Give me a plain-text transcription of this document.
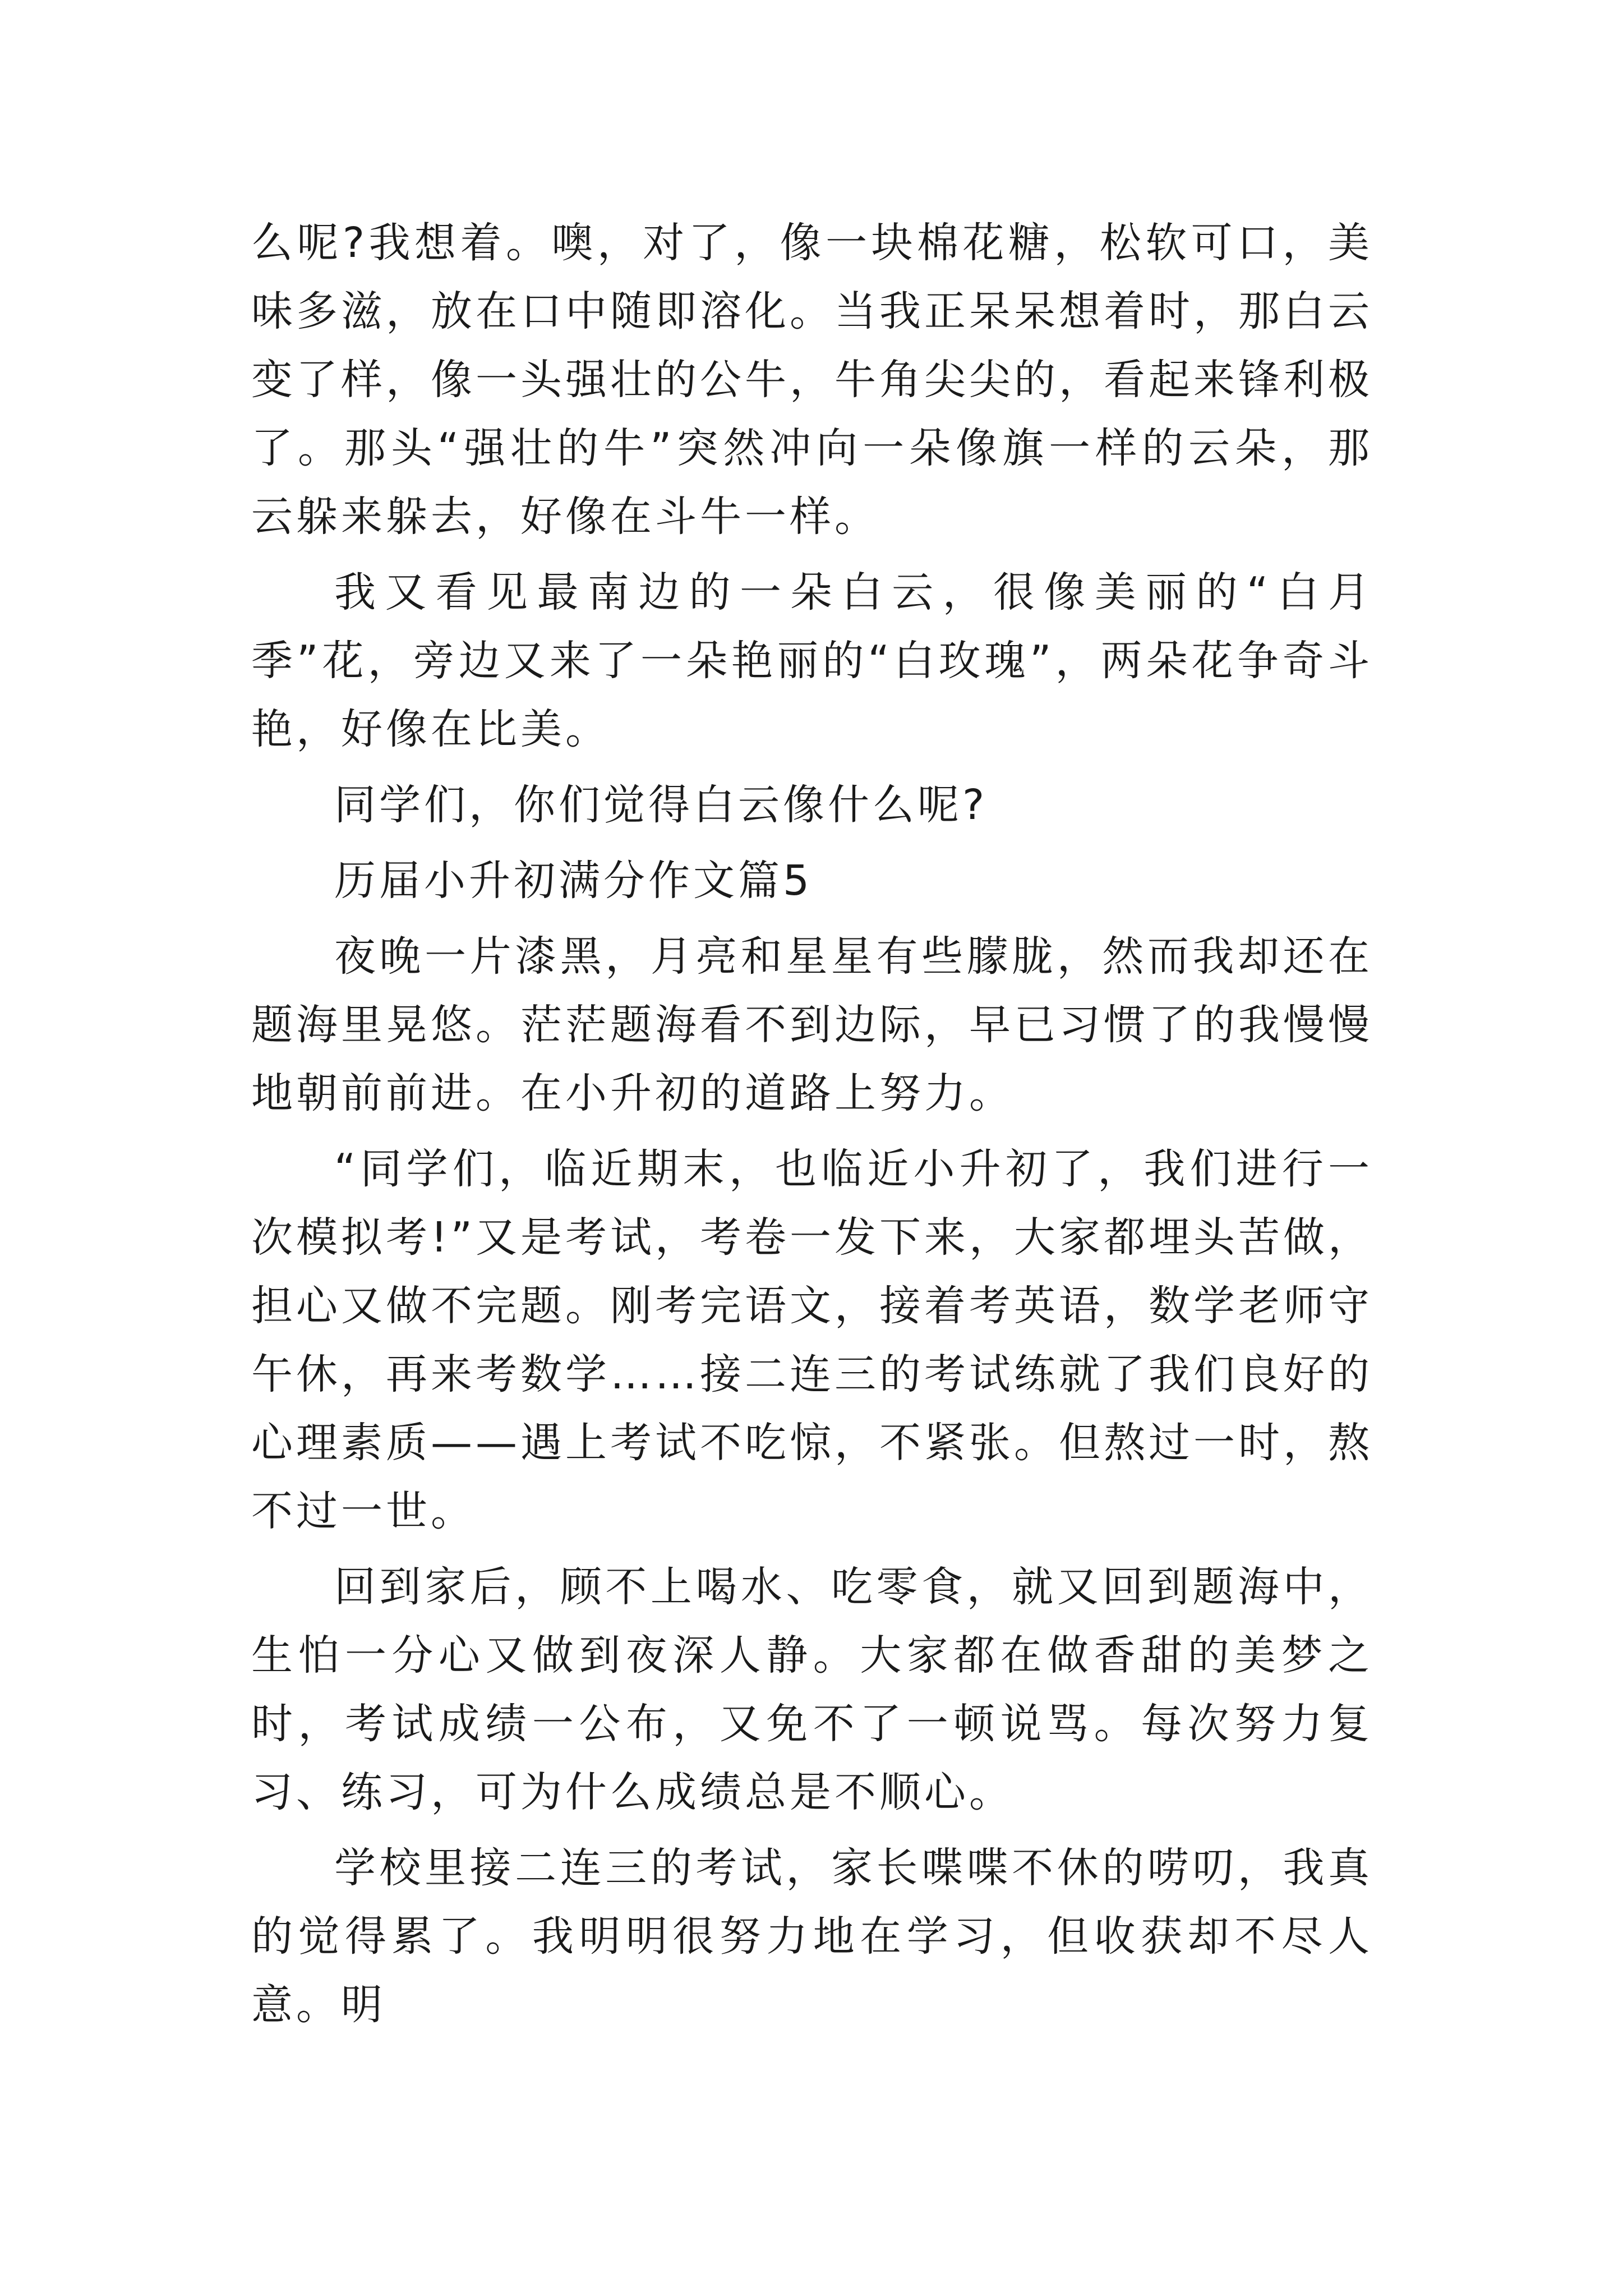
么呢?我想着。噢，对了，像一块棉花糖，松软可口，美味多滋，放在口中随即溶化。当我正呆呆想着时，那白云变了样，像一头强壮的公牛，牛角尖尖的，看起来锋利极了。那头“强壮的牛”突然冲向一朵像旗一样的云朵，那云躲来躲去，好像在斗牛一样。

我又看见最南边的一朵白云，很像美丽的“白月季”花，旁边又来了一朵艳丽的“白玫瑰”，两朵花争奇斗艳，好像在比美。

同学们，你们觉得白云像什么呢?

历届小升初满分作文篇5

夜晚一片漆黑，月亮和星星有些朦胧，然而我却还在题海里晃悠。茫茫题海看不到边际，早已习惯了的我慢慢地朝前前进。在小升初的道路上努力。

“同学们，临近期末，也临近小升初了，我们进行一次模拟考!”又是考试，考卷一发下来，大家都埋头苦做，担心又做不完题。刚考完语文，接着考英语，数学老师守午休，再来考数学……接二连三的考试练就了我们良好的心理素质——遇上考试不吃惊，不紧张。但熬过一时，熬不过一世。

回到家后，顾不上喝水、吃零食，就又回到题海中，生怕一分心又做到夜深人静。大家都在做香甜的美梦之时，考试成绩一公布，又免不了一顿说骂。每次努力复习、练习，可为什么成绩总是不顺心。

学校里接二连三的考试，家长喋喋不休的唠叨，我真的觉得累了。我明明很努力地在学习，但收获却不尽人意。明
